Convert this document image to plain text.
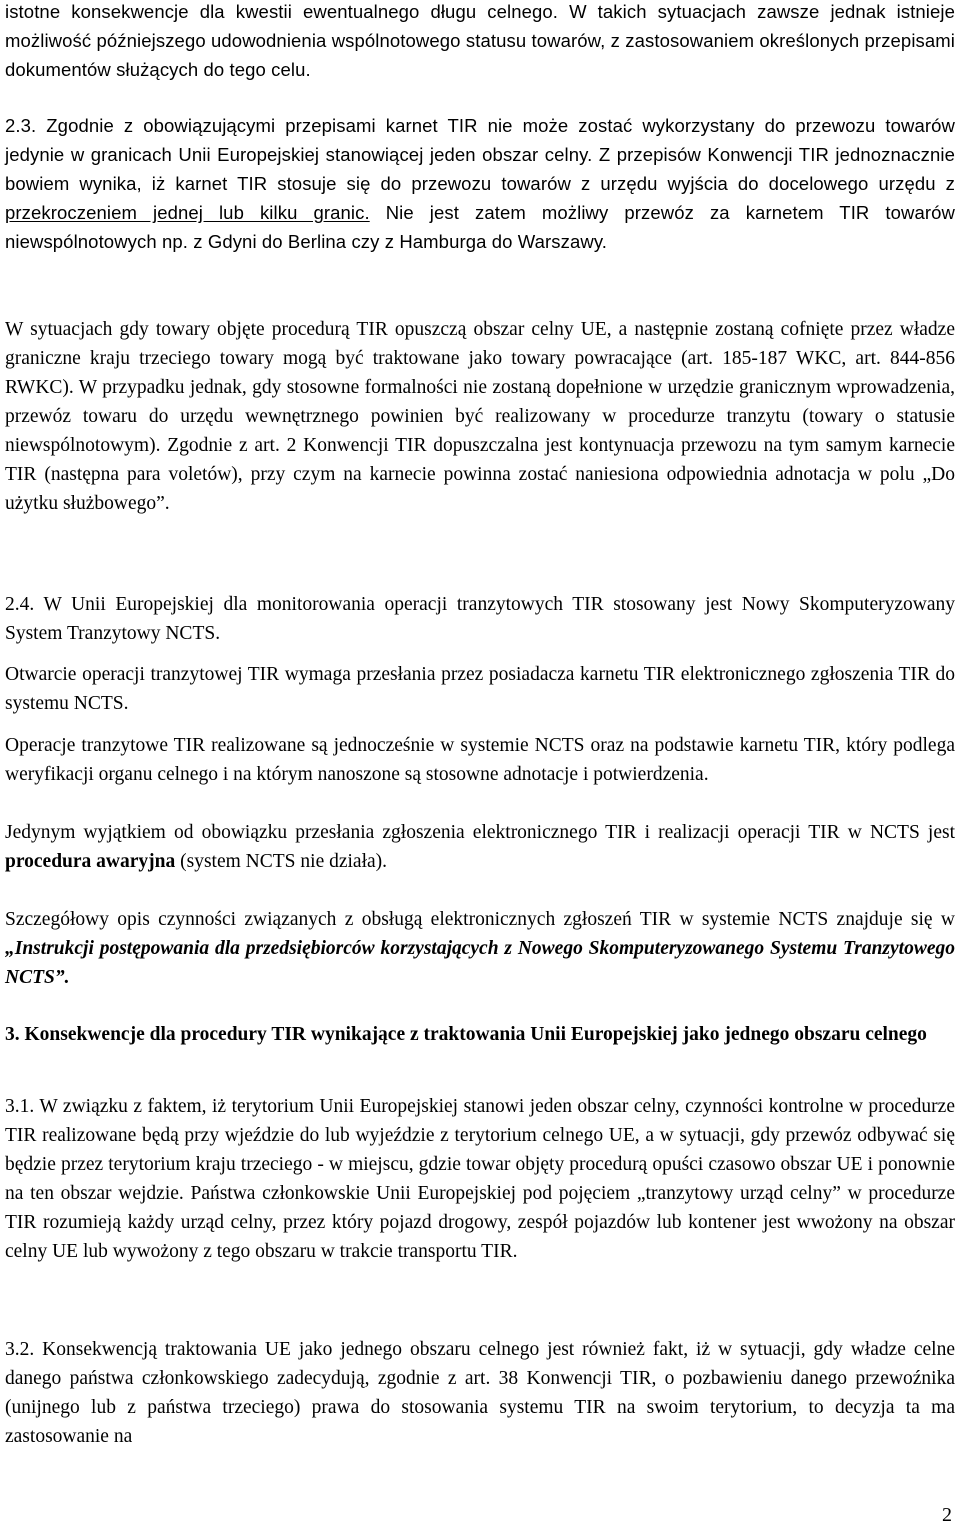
istotne konsekwencje dla kwestii ewentualnego długu celnego. W takich sytuacjach zawsze jednak istnieje możliwość późniejszego udowodnienia wspólnotowego statusu towarów, z zastosowaniem określonych przepisami dokumentów służących do tego celu.

2.3. Zgodnie z obowiązującymi przepisami karnet TIR nie może zostać wykorzystany do przewozu towarów jedynie w granicach Unii Europejskiej stanowiącej jeden obszar celny. Z przepisów Konwencji TIR jednoznacznie bowiem wynika, iż karnet TIR stosuje się do przewozu towarów z urzędu wyjścia do docelowego urzędu z przekroczeniem jednej lub kilku granic. Nie jest zatem możliwy przewóz za karnetem TIR towarów niewspólnotowych np. z Gdyni do Berlina czy z Hamburga do Warszawy.

W sytuacjach gdy towary objęte procedurą TIR opuszczą obszar celny UE, a następnie zostaną cofnięte przez władze graniczne kraju trzeciego towary mogą być traktowane jako towary powracające (art. 185-187 WKC, art. 844-856 RWKC). W przypadku jednak, gdy stosowne formalności nie zostaną dopełnione w urzędzie granicznym wprowadzenia, przewóz towaru do urzędu wewnętrznego powinien być realizowany w procedurze tranzytu (towary o statusie niewspólnotowym). Zgodnie z art. 2 Konwencji TIR dopuszczalna jest kontynuacja przewozu na tym samym karnecie TIR (następna para voletów), przy czym na karnecie powinna zostać naniesiona odpowiednia adnotacja w polu „Do użytku służbowego”.

2.4. W Unii Europejskiej dla monitorowania operacji tranzytowych TIR stosowany jest Nowy Skomputeryzowany System Tranzytowy NCTS.

Otwarcie operacji tranzytowej TIR wymaga przesłania przez posiadacza karnetu TIR elektronicznego zgłoszenia TIR do systemu NCTS.

Operacje tranzytowe TIR realizowane są jednocześnie w systemie NCTS oraz na podstawie karnetu TIR, który podlega weryfikacji organu celnego i na którym nanoszone są stosowne adnotacje i potwierdzenia.

Jedynym wyjątkiem od obowiązku przesłania zgłoszenia elektronicznego TIR i realizacji operacji TIR w NCTS jest procedura awaryjna (system NCTS nie działa).

Szczegółowy opis czynności związanych z obsługą elektronicznych zgłoszeń TIR w systemie NCTS znajduje się w „Instrukcji postępowania dla przedsiębiorców korzystających z Nowego Skomputeryzowanego Systemu Tranzytowego NCTS”.

3. Konsekwencje dla procedury TIR wynikające z traktowania Unii Europejskiej jako jednego obszaru celnego

3.1. W związku z faktem, iż terytorium Unii Europejskiej stanowi jeden obszar celny, czynności kontrolne w procedurze TIR realizowane będą przy wjeździe do lub wyjeździe z terytorium celnego UE, a w sytuacji, gdy przewóz odbywać się będzie przez terytorium kraju trzeciego - w miejscu, gdzie towar objęty procedurą opuści czasowo obszar UE i ponownie na ten obszar wejdzie. Państwa członkowskie Unii Europejskiej pod pojęciem „tranzytowy urząd celny” w procedurze TIR rozumieją każdy urząd celny, przez który pojazd drogowy, zespół pojazdów lub kontener jest wwożony na obszar celny UE lub wywożony z tego obszaru w trakcie transportu TIR.

3.2. Konsekwencją traktowania UE jako jednego obszaru celnego jest również fakt, iż w sytuacji, gdy władze celne danego państwa członkowskiego zadecydują, zgodnie z art. 38 Konwencji TIR, o pozbawieniu danego przewoźnika (unijnego lub z państwa trzeciego) prawa do stosowania systemu TIR na swoim terytorium, to decyzja ta ma zastosowanie na

2
